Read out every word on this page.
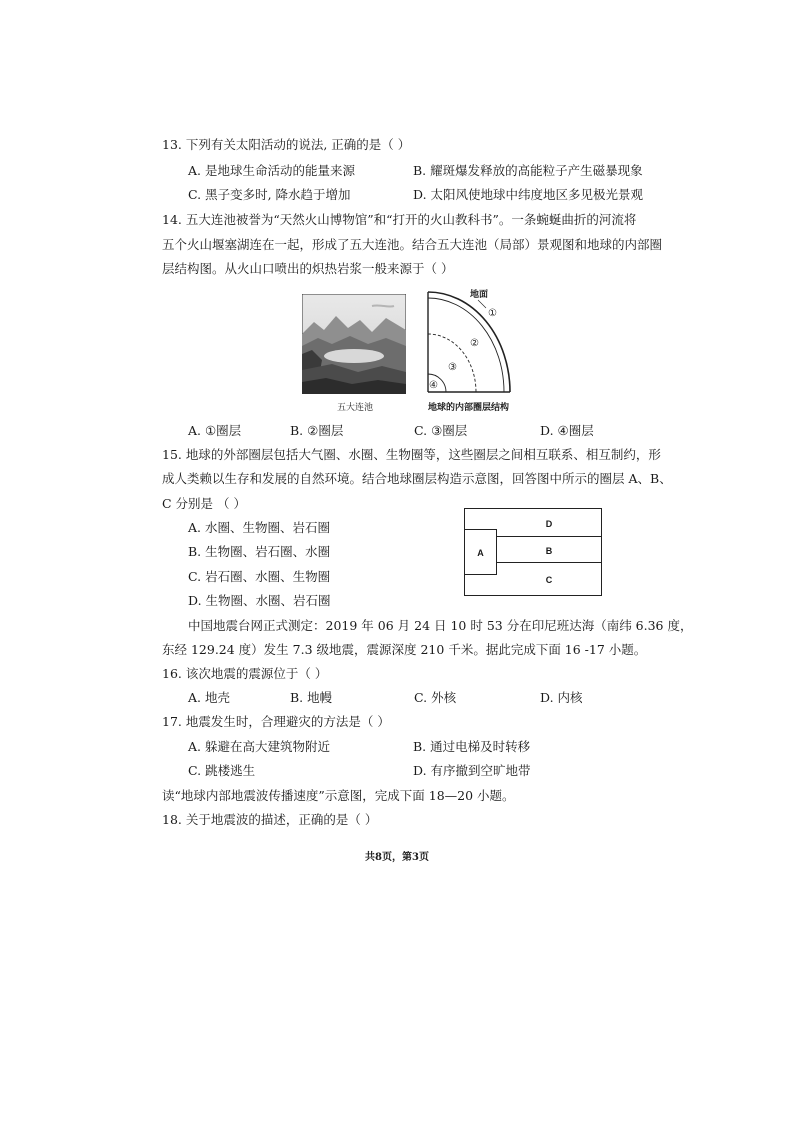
13. 下列有关太阳活动的说法, 正确的是（ ）
A. 是地球生命活动的能量来源	B. 耀斑爆发释放的高能粒子产生磁暴现象
C. 黑子变多时, 降水趋于增加	D. 太阳风使地球中纬度地区多见极光景观
14. 五大连池被誉为“天然火山博物馆”和“打开的火山教科书”。一条蜿蜒曲折的河流将
五个火山堰塞湖连在一起，形成了五大连池。结合五大连池（局部）景观图和地球的内部圈
层结构图。从火山口喷出的炽热岩浆一般来源于（ ）
五大连池
地面
①
②
③
④
地球的内部圈层结构
A. ①圈层	B. ②圈层	C. ③圈层	D. ④圈层
15. 地球的外部圈层包括大气圈、水圈、生物圈等，这些圈层之间相互联系、相互制约，形
成人类赖以生存和发展的自然环境。结合地球圈层构造示意图，回答图中所示的圈层 A、B、
C 分别是 （ ）
A. 水圈、生物圈、岩石圈
B. 生物圈、岩石圈、水圈
C. 岩石圈、水圈、生物圈
D. 生物圈、水圈、岩石圈
D
B
C
A
中国地震台网正式测定：2019 年 06 月 24 日 10 时 53 分在印尼班达海（南纬 6.36 度，
东经 129.24 度）发生 7.3 级地震，震源深度 210 千米。据此完成下面 16 -17 小题。
16. 该次地震的震源位于（ ）
A. 地壳	B. 地幔	C. 外核	D. 内核
17. 地震发生时，合理避灾的方法是（ ）
A. 躲避在高大建筑物附近	B. 通过电梯及时转移
C. 跳楼逃生	D. 有序撤到空旷地带
读“地球内部地震波传播速度”示意图，完成下面 18—20 小题。
18. 关于地震波的描述，正确的是（ ）
共8页，第3页
